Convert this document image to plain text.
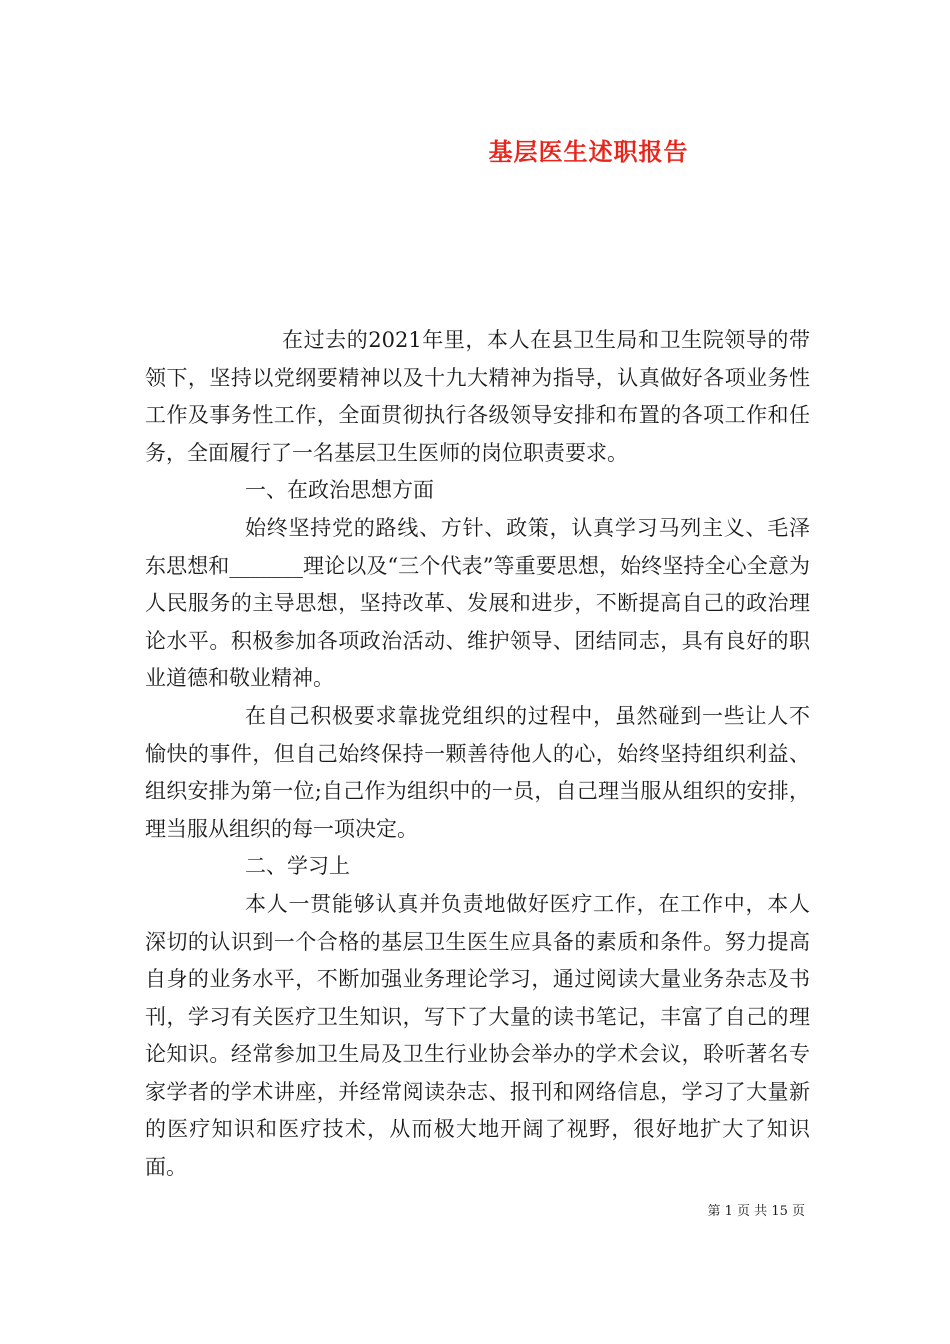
基层医生述职报告

在过去的2021年里，本人在县卫生局和卫生院领导的带领下，坚持以党纲要精神以及十九大精神为指导，认真做好各项业务性工作及事务性工作，全面贯彻执行各级领导安排和布置的各项工作和任务，全面履行了一名基层卫生医师的岗位职责要求。

一、在政治思想方面

始终坚持党的路线、方针、政策，认真学习马列主义、毛泽东思想和_______理论以及“三个代表”等重要思想，始终坚持全心全意为人民服务的主导思想，坚持改革、发展和进步，不断提高自己的政治理论水平。积极参加各项政治活动、维护领导、团结同志，具有良好的职业道德和敬业精神。

在自己积极要求靠拢党组织的过程中，虽然碰到一些让人不愉快的事件，但自己始终保持一颗善待他人的心，始终坚持组织利益、组织安排为第一位;自己作为组织中的一员，自己理当服从组织的安排，理当服从组织的每一项决定。

二、学习上

本人一贯能够认真并负责地做好医疗工作，在工作中，本人深切的认识到一个合格的基层卫生医生应具备的素质和条件。努力提高自身的业务水平，不断加强业务理论学习，通过阅读大量业务杂志及书刊，学习有关医疗卫生知识，写下了大量的读书笔记，丰富了自己的理论知识。经常参加卫生局及卫生行业协会举办的学术会议，聆听著名专家学者的学术讲座，并经常阅读杂志、报刊和网络信息，学习了大量新的医疗知识和医疗技术，从而极大地开阔了视野，很好地扩大了知识面。

第 1 页 共 15 页
